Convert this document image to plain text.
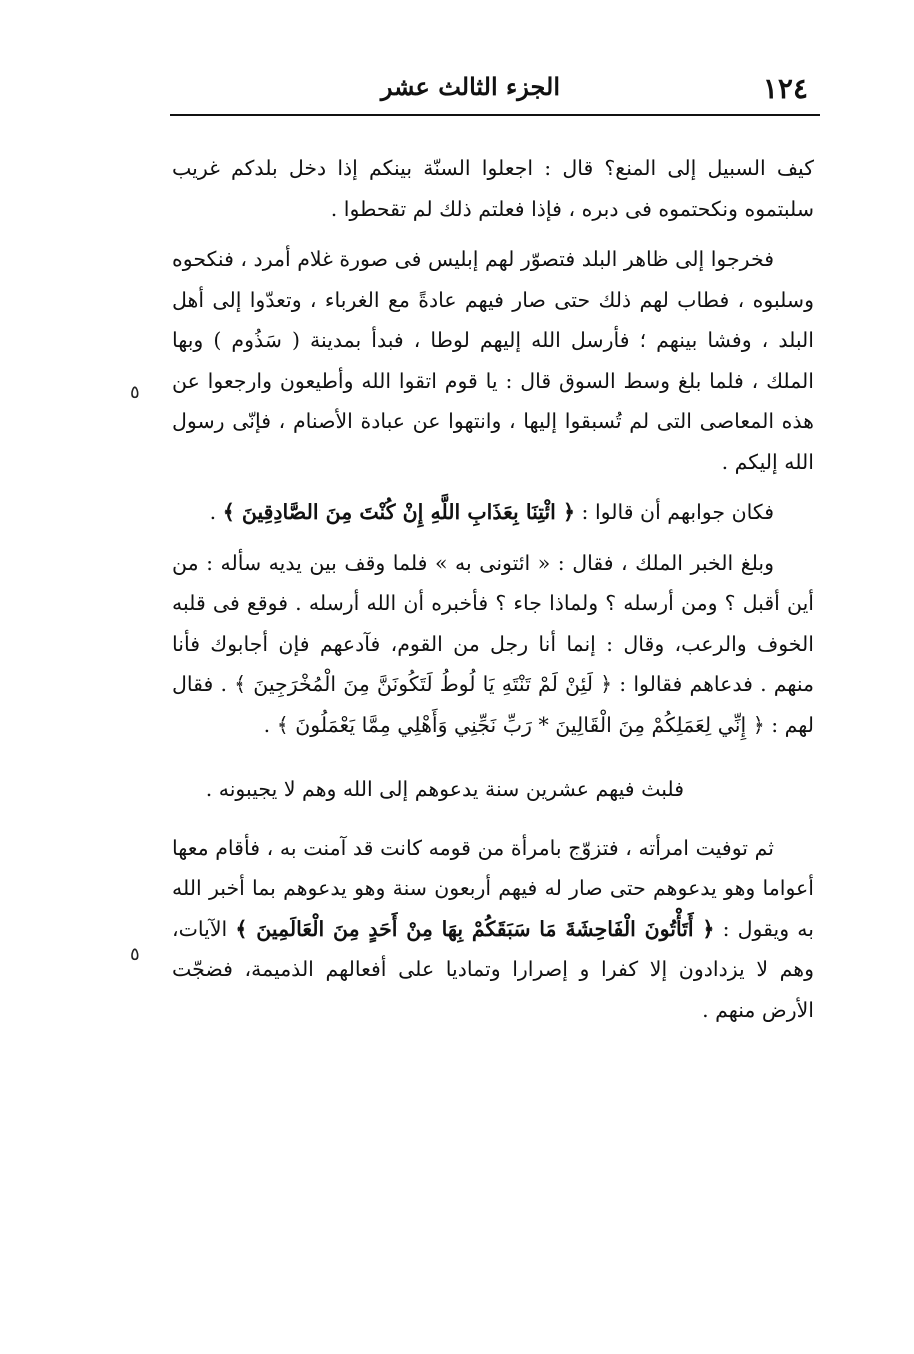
١٢٤
الجزء الثالث عشر
٥
٥

كيف السبيل إلى المنع؟ قال : اجعلوا السنّة بينكم إذا دخل بلدكم غريب سلبتموه ونكحتموه فى دبره ، فإذا فعلتم ذلك لم تقحطوا .

فخرجوا إلى ظاهر البلد فتصوّر لهم إبليس فى صورة غلام أمرد ، فنكحوه وسلبوه ، فطاب لهم ذلك حتى صار فيهم عادةً مع الغرباء ، وتعدّوا إلى أهل البلد ، وفشا بينهم ؛ فأرسل الله إليهم لوطا ، فبدأ بمدينة ( سَذُوم ) وبها الملك ، فلما بلغ وسط السوق قال : يا قوم اتقوا الله وأطيعون وارجعوا عن هذه المعاصى التى لم تُسبقوا إليها ، وانتهوا عن عبادة الأصنام ، فإنّى رسول الله إليكم .

فكان جوابهم أن قالوا : ﴿ ائْتِنَا بِعَذَابِ اللَّهِ إِنْ كُنْتَ مِنَ الصَّادِقِينَ ﴾ .

وبلغ الخبر الملك ، فقال : « ائتونى به » فلما وقف بين يديه سأله : من أين أقبل ؟ ومن أرسله ؟ ولماذا جاء ؟ فأخبره أن الله أرسله . فوقع فى قلبه الخوف والرعب، وقال : إنما أنا رجل من القوم، فآدعهم فإن أجابوك فأنا منهم . فدعاهم فقالوا : ﴿ لَئِنْ لَمْ تَنْتَهِ يَا لُوطُ لَتَكُونَنَّ مِنَ الْمُخْرَجِينَ ﴾ . فقال لهم : ﴿ إِنِّي لِعَمَلِكُمْ مِنَ الْقَالِينَ * رَبِّ نَجِّنِي وَأَهْلِي مِمَّا يَعْمَلُونَ ﴾ .

فلبث فيهم عشرين سنة يدعوهم إلى الله وهم لا يجيبونه .

ثم توفيت امرأته ، فتزوّج بامرأة من قومه كانت قد آمنت به ، فأقام معها أعواما وهو يدعوهم حتى صار له فيهم أربعون سنة وهو يدعوهم بما أخبر الله به ويقول : ﴿ أَتَأْتُونَ الْفَاحِشَةَ مَا سَبَقَكُمْ بِهَا مِنْ أَحَدٍ مِنَ الْعَالَمِينَ ﴾ الآيات، وهم لا يزدادون إلا كفرا و إصرارا وتماديا على أفعالهم الذميمة، فضجّت الأرض منهم .
